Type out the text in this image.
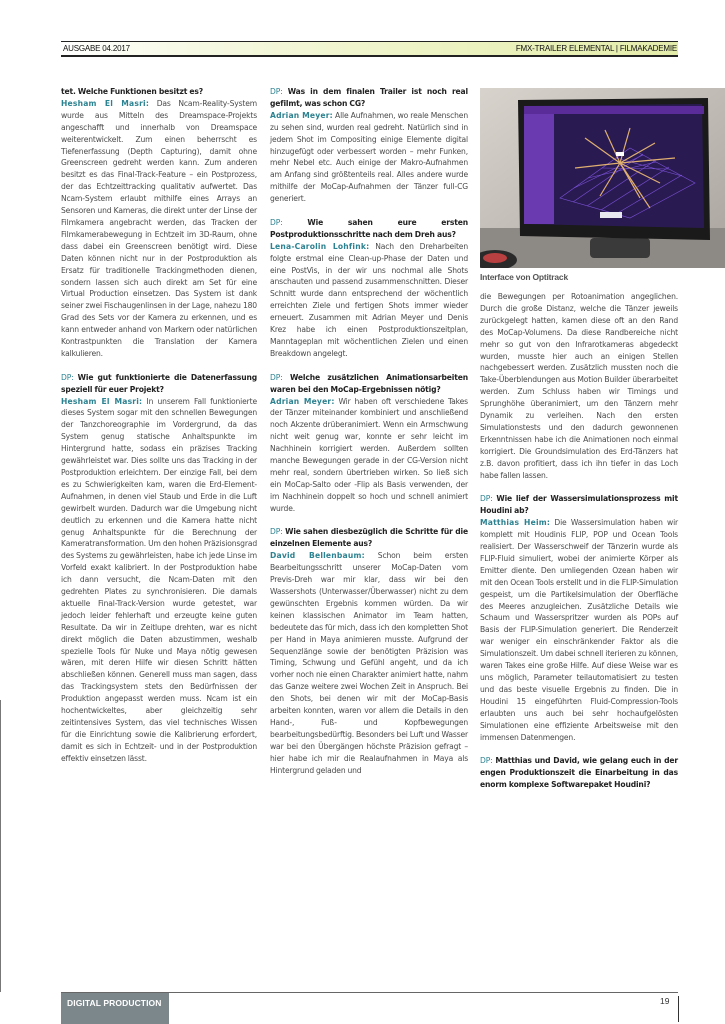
AUSGABE 04.2017	FMX-TRAILER ELEMENTAL | FILMAKADEMIE

tet. Welche Funktionen besitzt es?
Hesham El Masri: Das Ncam-Reality-System wurde aus Mitteln des Dreamspace-Projekts angeschafft und innerhalb von Dreamspace weiterentwickelt. Zum einen beherrscht es Tiefenerfassung (Depth Capturing), damit ohne Greenscreen gedreht werden kann. Zum anderen besitzt es das Final-Track-Feature – ein Postprozess, der das Echtzeittracking qualitativ aufwertet. Das Ncam-System erlaubt mithilfe eines Arrays an Sensoren und Kameras, die direkt unter der Linse der Filmkamera angebracht werden, das Tracken der Filmkamerabewegung in Echtzeit im 3D-Raum, ohne dass dabei ein Greenscreen benötigt wird. Diese Daten können nicht nur in der Postproduktion als Ersatz für traditionelle Trackingmethoden dienen, sondern lassen sich auch direkt am Set für eine Virtual Production einsetzen. Das System ist dank seiner zwei Fischaugenlinsen in der Lage, nahezu 180 Grad des Sets vor der Kamera zu erkennen, und es kann entweder anhand von Markern oder natürlichen Kontrastpunkten die Translation der Kamera kalkulieren.

DP: Wie gut funktionierte die Datenerfassung speziell für euer Projekt?
Hesham El Masri: In unserem Fall funktionierte dieses System sogar mit den schnellen Bewegungen der Tanzchoreographie im Vordergrund, da das System genug statische Anhaltspunkte im Hintergrund hatte, sodass ein präzises Tracking gewährleistet war. Dies sollte uns das Tracking in der Postproduktion erleichtern. Der einzige Fall, bei dem es zu Schwierigkeiten kam, waren die Erd-Element-Aufnahmen, in denen viel Staub und Erde in die Luft gewirbelt wurden. Dadurch war die Umgebung nicht deutlich zu erkennen und die Kamera hatte nicht genug Anhaltspunkte für die Berechnung der Kameratransformation. Um den hohen Präzisionsgrad des Systems zu gewährleisten, habe ich jede Linse im Vorfeld exakt kalibriert. In der Postproduktion habe ich dann versucht, die Ncam-Daten mit den gedrehten Plates zu synchronisieren. Die damals aktuelle Final-Track-Version wurde getestet, war jedoch leider fehlerhaft und erzeugte keine guten Resultate. Da wir in Zeitlupe drehten, war es nicht direkt möglich die Daten abzustimmen, weshalb spezielle Tools für Nuke und Maya nötig gewesen wären, mit deren Hilfe wir diesen Schritt hätten abschließen können. Generell muss man sagen, dass das Trackingsystem stets den Bedürfnissen der Produktion angepasst werden muss. Ncam ist ein hochentwickeltes, aber gleichzeitig sehr zeitintensives System, das viel technisches Wissen für die Einrichtung sowie die Kalibrierung erfordert, damit es sich in Echtzeit- und in der Postproduktion effektiv einsetzen lässt.

DP: Was in dem finalen Trailer ist noch real gefilmt, was schon CG?
Adrian Meyer: Alle Aufnahmen, wo reale Menschen zu sehen sind, wurden real gedreht. Natürlich sind in jedem Shot im Compositing einige Elemente digital hinzugefügt oder verbessert worden – mehr Funken, mehr Nebel etc. Auch einige der Makro-Aufnahmen am Anfang sind größtenteils real. Alles andere wurde mithilfe der MoCap-Aufnahmen der Tänzer full-CG generiert.

DP: Wie sahen eure ersten Postproduktionsschritte nach dem Dreh aus?
Lena-Carolin Lohfink: Nach den Dreharbeiten folgte erstmal eine Clean-up-Phase der Daten und eine PostVis, in der wir uns nochmal alle Shots anschauten und passend zusammenschnitten. Dieser Schnitt wurde dann entsprechend der wöchentlich erreichten Ziele und fertigen Shots immer wieder erneuert. Zusammen mit Adrian Meyer und Denis Krez habe ich einen Postproduktionszeitplan, Manntageplan mit wöchentlichen Zielen und einen Breakdown angelegt.

DP: Welche zusätzlichen Animationsarbeiten waren bei den MoCap-Ergebnissen nötig?
Adrian Meyer: Wir haben oft verschiedene Takes der Tänzer miteinander kombiniert und anschließend noch Akzente drüberanimiert. Wenn ein Armschwung nicht weit genug war, konnte er sehr leicht im Nachhinein korrigiert werden. Außerdem sollten manche Bewegungen gerade in der CG-Version nicht mehr real, sondern übertrieben wirken. So ließ sich ein MoCap-Salto oder -Flip als Basis verwenden, der im Nachhinein doppelt so hoch und schnell animiert wurde.

DP: Wie sahen diesbezüglich die Schritte für die einzelnen Elemente aus?
David Bellenbaum: Schon beim ersten Bearbeitungsschritt unserer MoCap-Daten vom Previs-Dreh war mir klar, dass wir bei den Wassershots (Unterwasser/Überwasser) nicht zu dem gewünschten Ergebnis kommen würden. Da wir keinen klassischen Animator im Team hatten, bedeutete das für mich, dass ich den kompletten Shot per Hand in Maya animieren musste. Aufgrund der Sequenzlänge sowie der benötigten Präzision was Timing, Schwung und Gefühl angeht, und da ich vorher noch nie einen Charakter animiert hatte, nahm das Ganze weitere zwei Wochen Zeit in Anspruch. Bei den Shots, bei denen wir mit der MoCap-Basis arbeiten konnten, waren vor allem die Details in den Hand-, Fuß- und Kopfbewegungen bearbeitungsbedürftig. Besonders bei Luft und Wasser war bei den Übergängen höchste Präzision gefragt – hier habe ich mir die Realaufnahmen in Maya als Hintergrund geladen und

Interface von Optitrack

die Bewegungen per Rotoanimation angeglichen. Durch die große Distanz, welche die Tänzer jeweils zurückgelegt hatten, kamen diese oft an den Rand des MoCap-Volumens. Da diese Randbereiche nicht mehr so gut von den Infrarotkameras abgedeckt wurden, musste hier auch an einigen Stellen nachgebessert werden. Zusätzlich mussten noch die Take-Überblendungen aus Motion Builder überarbeitet werden. Zum Schluss haben wir Timings und Sprunghöhe überanimiert, um den Tänzern mehr Dynamik zu verleihen. Nach den ersten Simulationstests und den dadurch gewonnenen Erkenntnissen habe ich die Animationen noch einmal korrigiert. Die Groundsimulation des Erd-Tänzers hat z.B. davon profitiert, dass ich ihn tiefer in das Loch habe fallen lassen.

DP: Wie lief der Wassersimulationsprozess mit Houdini ab?
Matthias Heim: Die Wassersimulation haben wir komplett mit Houdinis FLIP, POP und Ocean Tools realisiert. Der Wasserschweif der Tänzerin wurde als FLIP-Fluid simuliert, wobei der animierte Körper als Emitter diente. Den umliegenden Ozean haben wir mit den Ocean Tools erstellt und in die FLIP-Simulation gespeist, um die Partikelsimulation der Oberfläche des Meeres anzugleichen. Zusätzliche Details wie Schaum und Wasserspritzer wurden als POPs auf Basis der FLIP-Simulation generiert. Die Renderzeit war weniger ein einschränkender Faktor als die Simulationszeit. Um dabei schnell iterieren zu können, waren Takes eine große Hilfe. Auf diese Weise war es uns möglich, Parameter teilautomatisiert zu testen und das beste visuelle Ergebnis zu finden. Die in Houdini 15 eingeführten Fluid-Compression-Tools erlaubten uns auch bei sehr hochaufgelösten Simulationen eine effiziente Arbeitsweise mit den immensen Datenmengen.

DP: Matthias und David, wie gelang euch in der engen Produktionszeit die Einarbeitung in das enorm komplexe Softwarepaket Houdini?

DIGITAL PRODUCTION	19
